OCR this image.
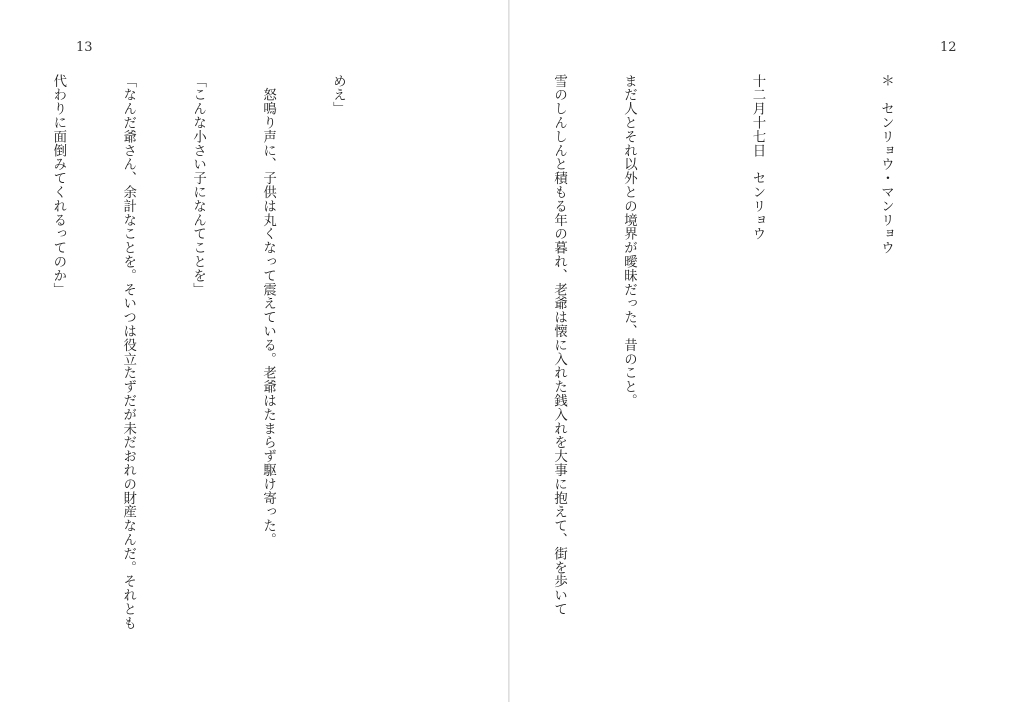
12

＊　センリョウ・マンリョウ

十二月十七日　センリョウ

まだ人とそれ以外との境界が曖昧だった、昔のこと。

雪のしんしんと積もる年の暮れ、老爺は懐に入れた銭入れを大事に抱えて、街を歩いて

13

めえ」

　怒鳴り声に、子供は丸くなって震えている。老爺はたまらず駆け寄った。

「こんな小さい子になんてことを」

「なんだ爺さん、余計なことを。そいつは役立たずだが未だおれの財産なんだ。それとも

代わりに面倒みてくれるってのか」
